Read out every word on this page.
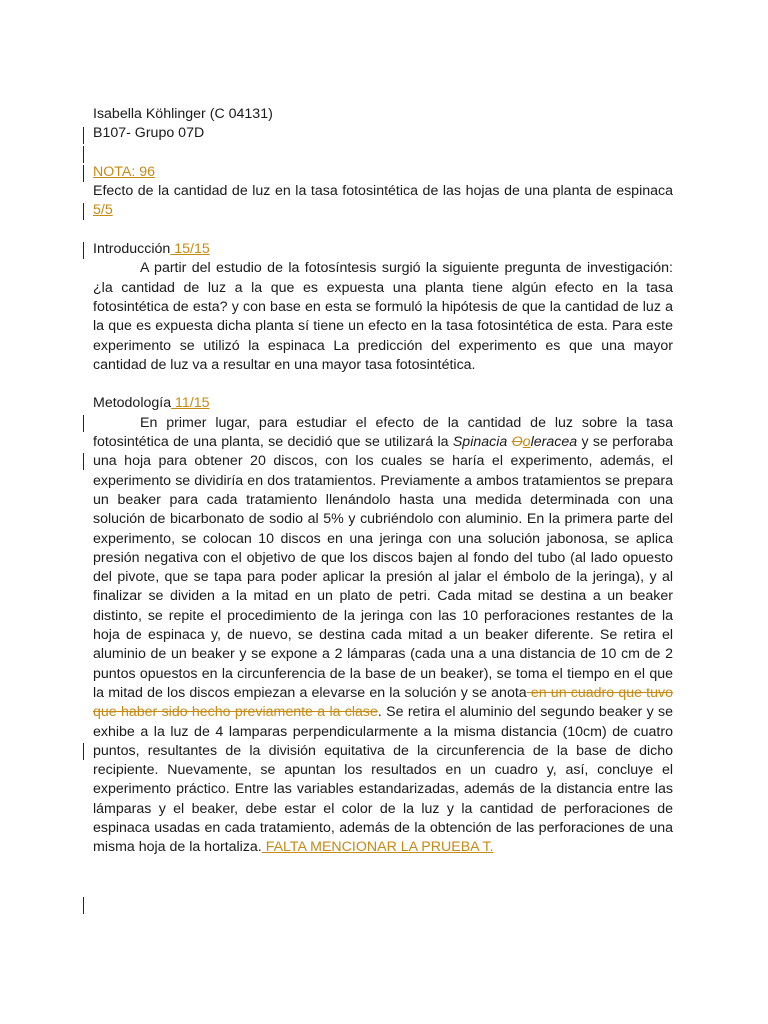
Isabella Köhlinger (C 04131)
B107- Grupo 07D
NOTA: 96

Efecto de la cantidad de luz en la tasa fotosintética de las hojas de una planta de espinaca 5/5

Introducción 15/15

A partir del estudio de la fotosíntesis surgió la siguiente pregunta de investigación: ¿la cantidad de luz a la que es expuesta una planta tiene algún efecto en la tasa fotosintética de esta? y con base en esta se formuló la hipótesis de que la cantidad de luz a la que es expuesta dicha planta sí tiene un efecto en la tasa fotosintética de esta. Para este experimento se utilizó la espinaca La predicción del experimento es que una mayor cantidad de luz va a resultar en una mayor tasa fotosintética.

Metodología 11/15

En primer lugar, para estudiar el efecto de la cantidad de luz sobre la tasa fotosintética de una planta, se decidió que se utilizará la Spinacia Ooleracea y se perforaba una hoja para obtener 20 discos, con los cuales se haría el experimento, además, el experimento se dividiría en dos tratamientos. Previamente a ambos tratamientos se prepara un beaker para cada tratamiento llenándolo hasta una medida determinada con una solución de bicarbonato de sodio al 5% y cubriéndolo con aluminio. En la primera parte del experimento, se colocan 10 discos en una jeringa con una solución jabonosa, se aplica presión negativa con el objetivo de que los discos bajen al fondo del tubo (al lado opuesto del pivote, que se tapa para poder aplicar la presión al jalar el émbolo de la jeringa), y al finalizar se dividen a la mitad en un plato de petri. Cada mitad se destina a un beaker distinto, se repite el procedimiento de la jeringa con las 10 perforaciones restantes de la hoja de espinaca y, de nuevo, se destina cada mitad a un beaker diferente. Se retira el aluminio de un beaker y se expone a 2 lámparas (cada una a una distancia de 10 cm de 2 puntos opuestos en la circunferencia de la base de un beaker), se toma el tiempo en el que la mitad de los discos empiezan a elevarse en la solución y se anota en un cuadro que tuvo que haber sido hecho previamente a la clase. Se retira el aluminio del segundo beaker y se exhibe a la luz de 4 lamparas perpendicularmente a la misma distancia (10cm) de cuatro puntos, resultantes de la división equitativa de la circunferencia de la base de dicho recipiente. Nuevamente, se apuntan los resultados en un cuadro y, así, concluye el experimento práctico. Entre las variables estandarizadas, además de la distancia entre las lámparas y el beaker, debe estar el color de la luz y la cantidad de perforaciones de espinaca usadas en cada tratamiento, además de la obtención de las perforaciones de una misma hoja de la hortaliza. FALTA MENCIONAR LA PRUEBA T.
